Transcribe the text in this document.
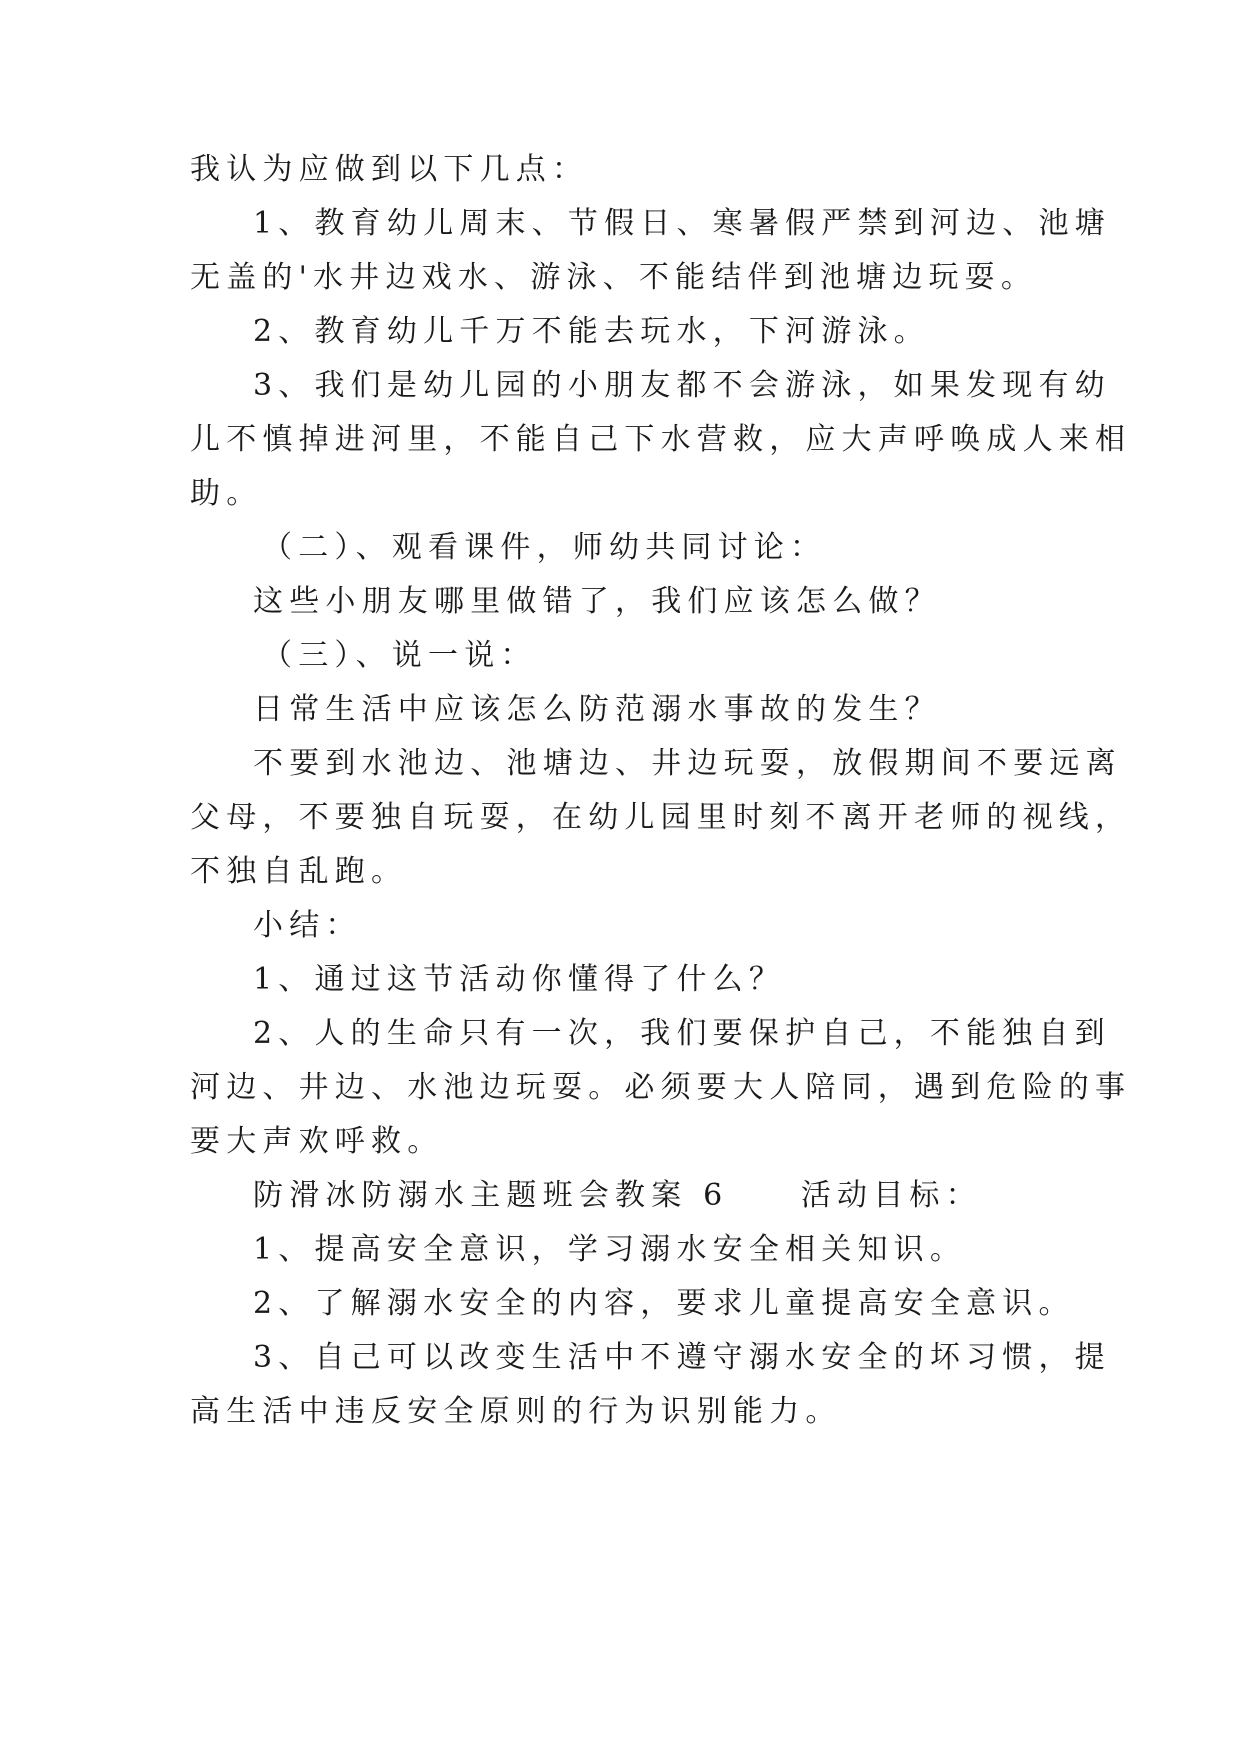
我认为应做到以下几点：
1、教育幼儿周末、节假日、寒暑假严禁到河边、池塘
无盖的'水井边戏水、游泳、不能结伴到池塘边玩耍。
2、教育幼儿千万不能去玩水，下河游泳。
3、我们是幼儿园的小朋友都不会游泳，如果发现有幼
儿不慎掉进河里，不能自己下水营救，应大声呼唤成人来相
助。
（二）、观看课件，师幼共同讨论：
这些小朋友哪里做错了，我们应该怎么做？
（三）、说一说：
日常生活中应该怎么防范溺水事故的发生？
不要到水池边、池塘边、井边玩耍，放假期间不要远离
父母，不要独自玩耍，在幼儿园里时刻不离开老师的视线，
不独自乱跑。
小结：
1、通过这节活动你懂得了什么？
2、人的生命只有一次，我们要保护自己，不能独自到
河边、井边、水池边玩耍。必须要大人陪同，遇到危险的事
要大声欢呼救。
防滑冰防溺水主题班会教案 6　　活动目标：
1、提高安全意识，学习溺水安全相关知识。
2、了解溺水安全的内容，要求儿童提高安全意识。
3、自己可以改变生活中不遵守溺水安全的坏习惯，提
高生活中违反安全原则的行为识别能力。
